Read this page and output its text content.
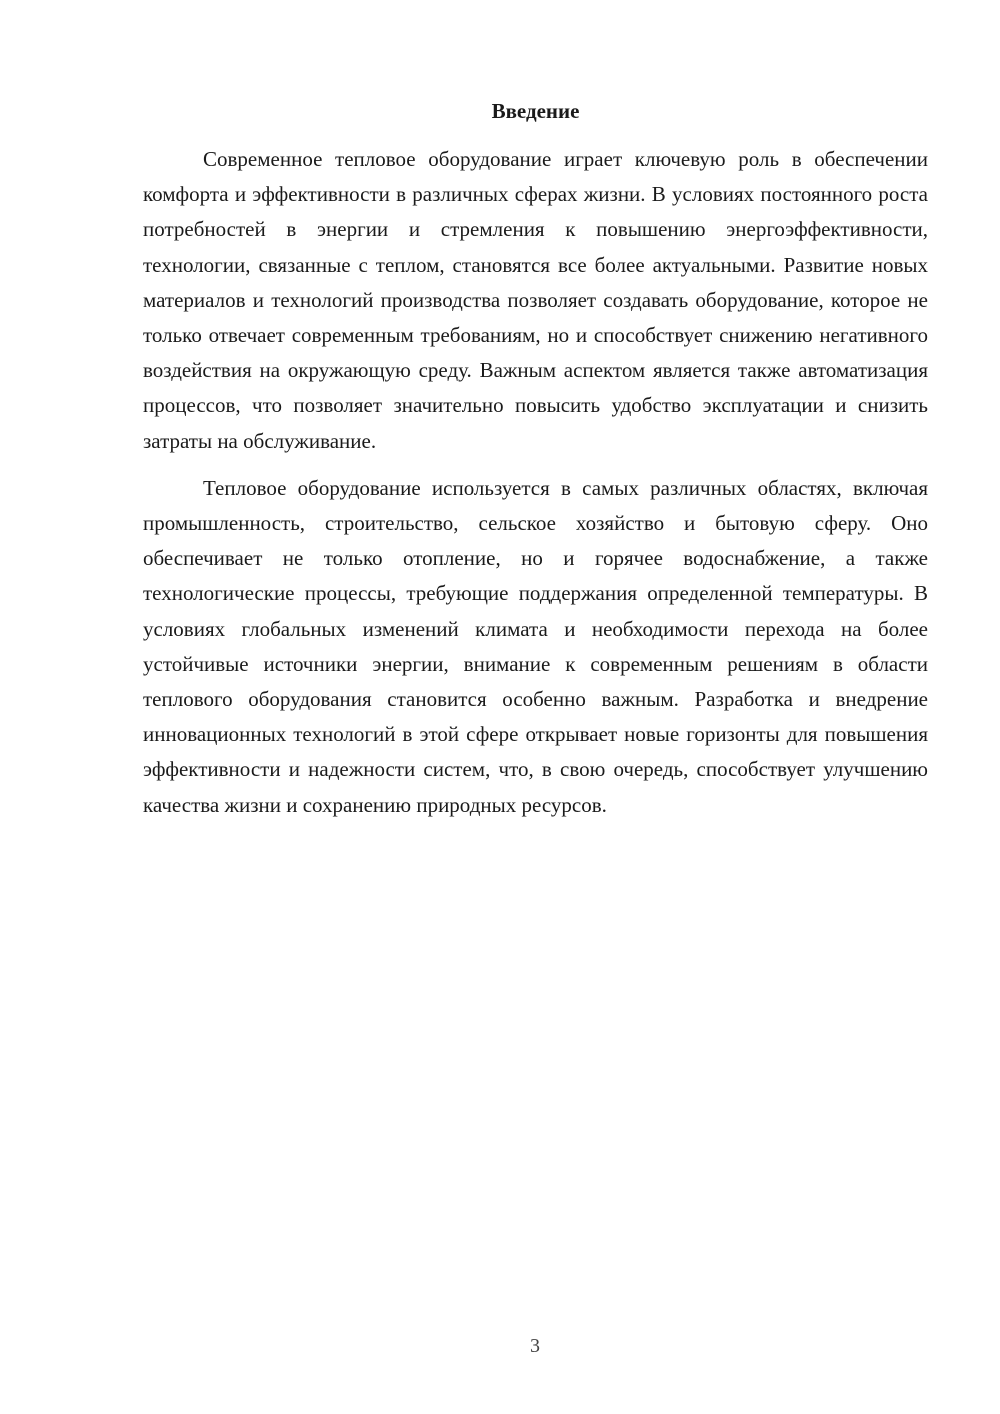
Введение

Современное тепловое оборудование играет ключевую роль в обеспечении комфорта и эффективности в различных сферах жизни. В условиях постоянного роста потребностей в энергии и стремления к повышению энергоэффективности, технологии, связанные с теплом, становятся все более актуальными. Развитие новых материалов и технологий производства позволяет создавать оборудование, которое не только отвечает современным требованиям, но и способствует снижению негативного воздействия на окружающую среду. Важным аспектом является также автоматизация процессов, что позволяет значительно повысить удобство эксплуатации и снизить затраты на обслуживание.

Тепловое оборудование используется в самых различных областях, включая промышленность, строительство, сельское хозяйство и бытовую сферу. Оно обеспечивает не только отопление, но и горячее водоснабжение, а также технологические процессы, требующие поддержания определенной температуры. В условиях глобальных изменений климата и необходимости перехода на более устойчивые источники энергии, внимание к современным решениям в области теплового оборудования становится особенно важным. Разработка и внедрение инновационных технологий в этой сфере открывает новые горизонты для повышения эффективности и надежности систем, что, в свою очередь, способствует улучшению качества жизни и сохранению природных ресурсов.

3
